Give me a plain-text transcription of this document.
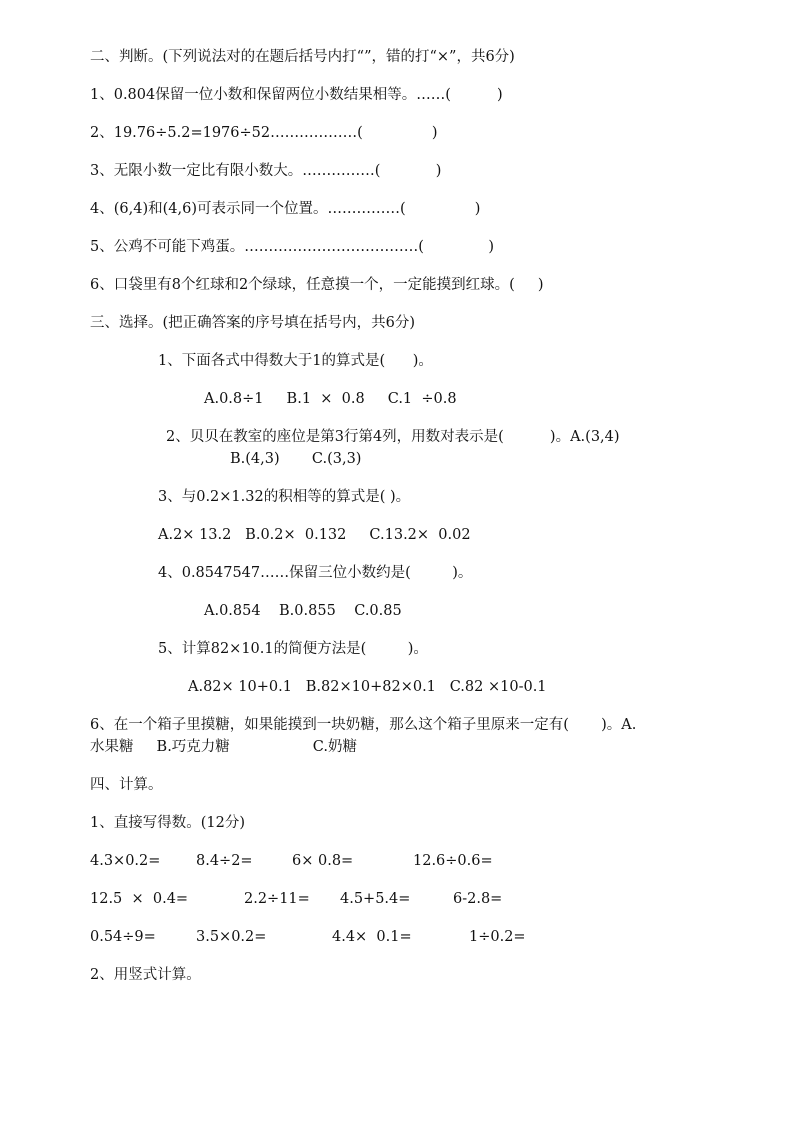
二、判断。(下列说法对的在题后括号内打“”，错的打“×”，共6分)
1、0.804保留一位小数和保留两位小数结果相等。……(          )
2、19.76÷5.2=1976÷52………………(               )
3、无限小数一定比有限小数大。……………(            )
4、(6,4)和(4,6)可表示同一个位置。……………(               )
5、公鸡不可能下鸡蛋。………………………………(              )
6、口袋里有8个红球和2个绿球，任意摸一个，一定能摸到红球。(     )
三、选择。(把正确答案的序号填在括号内，共6分)
1、下面各式中得数大于1的算式是(      )。
A.0.8÷1     B.1  ×  0.8     C.1  ÷0.8
2、贝贝在教室的座位是第3行第4列，用数对表示是(          )。A.(3,4)
B.(4,3)       C.(3,3)
3、与0.2×1.32的积相等的算式是( )。
A.2× 13.2   B.0.2×  0.132     C.13.2×  0.02
4、0.8547547……保留三位小数约是(         )。
A.0.854    B.0.855    C.0.85
5、计算82×10.1的简便方法是(         )。
A.82× 10+0.1   B.82×10+82×0.1   C.82 ×10-0.1
6、在一个箱子里摸糖，如果能摸到一块奶糖，那么这个箱子里原来一定有(       )。A.
水果糖     B.巧克力糖                  C.奶糖
四、计算。
1、直接写得数。(12分)
4.3×0.2= 8.4÷2=	6× 0.8=	12.6÷0.6=
12.5  ×  0.4=	2.2÷11= 4.5+5.4=	6-2.8=
0.54÷9=	3.5×0.2=	4.4×  0.1=	1÷0.2=
2、用竖式计算。
